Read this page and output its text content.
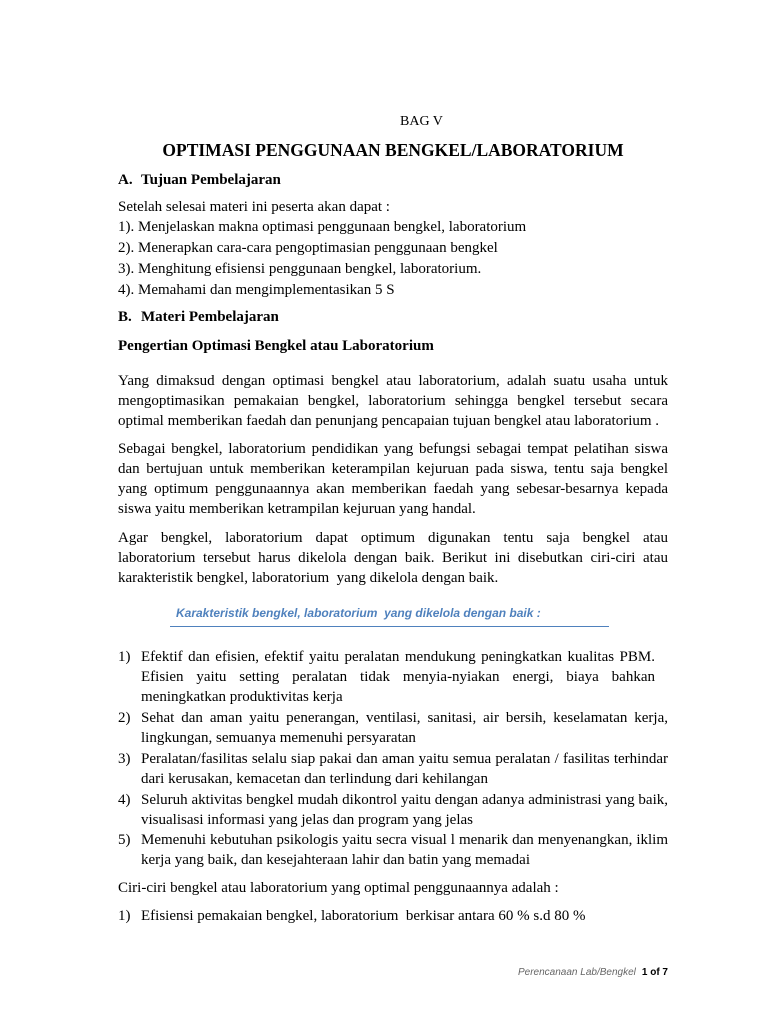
BAG V
OPTIMASI PENGGUNAAN BENGKEL/LABORATORIUM
A. Tujuan Pembelajaran
Setelah selesai materi ini peserta akan dapat :
1). Menjelaskan makna optimasi penggunaan bengkel, laboratorium
2). Menerapkan cara-cara pengoptimasian penggunaan bengkel
3). Menghitung efisiensi penggunaan bengkel, laboratorium.
4). Memahami dan mengimplementasikan 5 S
B. Materi Pembelajaran
Pengertian Optimasi Bengkel atau Laboratorium
Yang dimaksud dengan optimasi bengkel atau laboratorium, adalah suatu usaha untuk
mengoptimasikan pemakaian bengkel, laboratorium sehingga bengkel tersebut secara
optimal memberikan faedah dan penunjang pencapaian tujuan bengkel atau laboratorium .
Sebagai bengkel, laboratorium pendidikan yang befungsi sebagai tempat pelatihan siswa
dan bertujuan untuk memberikan keterampilan kejuruan pada siswa, tentu saja bengkel
yang optimum penggunaannya akan memberikan faedah yang sebesar-besarnya kepada
siswa yaitu memberikan ketrampilan kejuruan yang handal.
Agar bengkel, laboratorium dapat optimum digunakan tentu saja bengkel atau
laboratorium tersebut harus dikelola dengan baik. Berikut ini disebutkan ciri-ciri atau
karakteristik bengkel, laboratorium  yang dikelola dengan baik.
Karakteristik bengkel, laboratorium  yang dikelola dengan baik :
1) Efektif dan efisien, efektif yaitu peralatan mendukung peningkatkan kualitas PBM.
Efisien yaitu setting peralatan tidak menyia-nyiakan energi, biaya bahkan
meningkatkan produktivitas kerja
2) Sehat dan aman yaitu penerangan, ventilasi, sanitasi, air bersih, keselamatan kerja,
lingkungan, semuanya memenuhi persyaratan
3) Peralatan/fasilitas selalu siap pakai dan aman yaitu semua peralatan / fasilitas terhindar
dari kerusakan, kemacetan dan terlindung dari kehilangan
4) Seluruh aktivitas bengkel mudah dikontrol yaitu dengan adanya administrasi yang baik,
visualisasi informasi yang jelas dan program yang jelas
5) Memenuhi kebutuhan psikologis yaitu secra visual l menarik dan menyenangkan, iklim
kerja yang baik, dan kesejahteraan lahir dan batin yang memadai
Ciri-ciri bengkel atau laboratorium yang optimal penggunaannya adalah :
1) Efisiensi pemakaian bengkel, laboratorium  berkisar antara 60 % s.d 80 %
Perencanaan Lab/Bengkel 1 of 7
